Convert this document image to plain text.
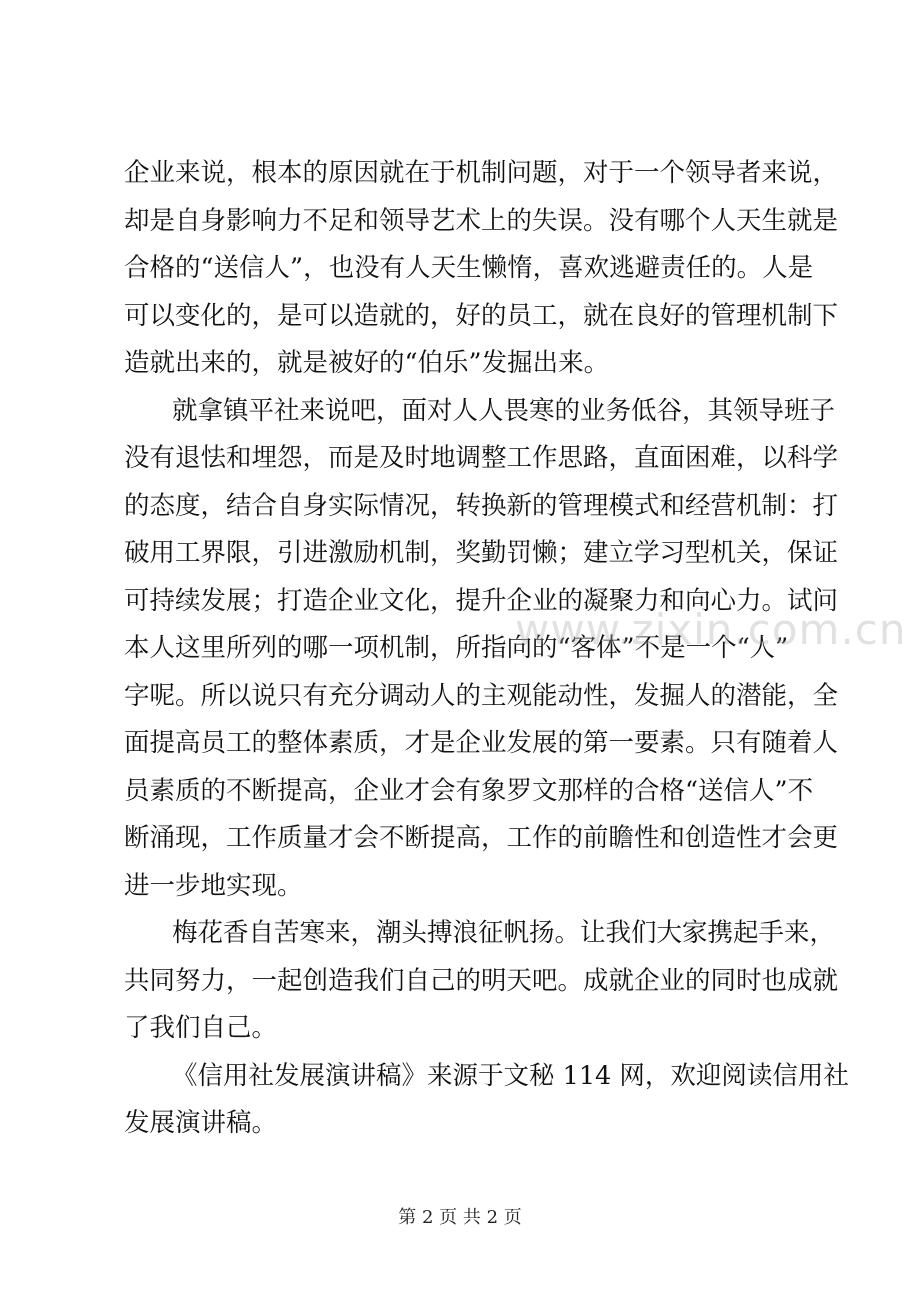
企业来说，根本的原因就在于机制问题，对于一个领导者来说，
却是自身影响力不足和领导艺术上的失误。没有哪个人天生就是
合格的“送信人”，也没有人天生懒惰，喜欢逃避责任的。人是
可以变化的，是可以造就的，好的员工，就在良好的管理机制下
造就出来的，就是被好的“伯乐”发掘出来。
就拿镇平社来说吧，面对人人畏寒的业务低谷，其领导班子
没有退怯和埋怨，而是及时地调整工作思路，直面困难，以科学
的态度，结合自身实际情况，转换新的管理模式和经营机制：打
破用工界限，引进激励机制，奖勤罚懒；建立学习型机关，保证
可持续发展；打造企业文化，提升企业的凝聚力和向心力。试问
本人这里所列的哪一项机制，所指向的“客体”不是一个“人”
字呢。所以说只有充分调动人的主观能动性，发掘人的潜能，全
面提高员工的整体素质，才是企业发展的第一要素。只有随着人
员素质的不断提高，企业才会有象罗文那样的合格“送信人”不
断涌现，工作质量才会不断提高，工作的前瞻性和创造性才会更
进一步地实现。
梅花香自苦寒来，潮头搏浪征帆扬。让我们大家携起手来，
共同努力，一起创造我们自己的明天吧。成就企业的同时也成就
了我们自己。
《信用社发展演讲稿》来源于文秘 114 网，欢迎阅读信用社
发展演讲稿。
www.zixin.com.cn
第 2 页 共 2 页
